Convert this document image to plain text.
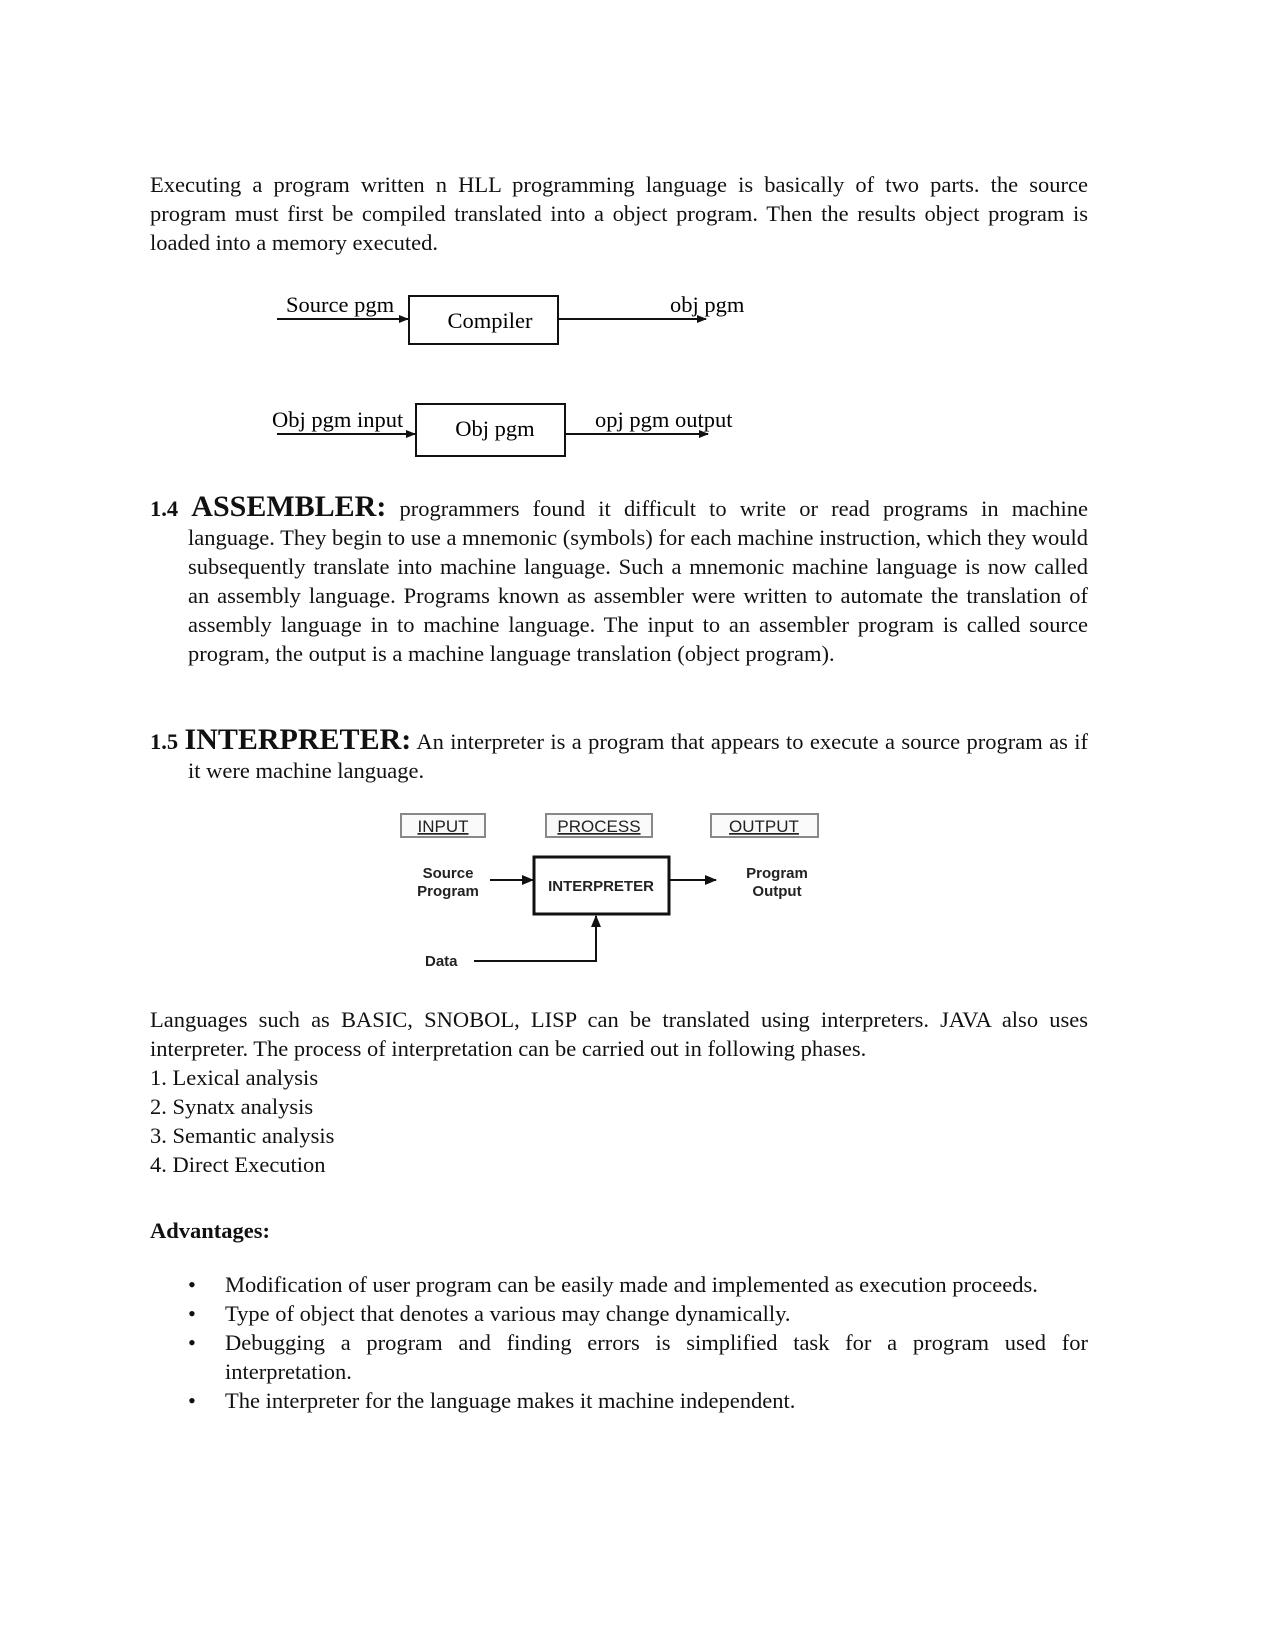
Executing a program written n HLL programming language is basically of two parts. the source program must first be compiled translated into a object program. Then the results object program is loaded into a memory executed.

Source pgm
Compiler
obj pgm
Obj pgm input Obj pgm	opj pgm output

1.4 ASSEMBLER: programmers found it difficult to write or read programs in machine language. They begin to use a mnemonic (symbols) for each machine instruction, which they would subsequently translate into machine language. Such a mnemonic machine language is now called an assembly language. Programs known as assembler were written to automate the translation of assembly language in to machine language. The input to an assembler program is called source program, the output is a machine language translation (object program).

1.5 INTERPRETER: An interpreter is a program that appears to execute a source program as if it were machine language.

INPUT	PROCESS	OUTPUT
Source
Program	INTERPRETER
Program
Output
Data

Languages such as BASIC, SNOBOL, LISP can be translated using interpreters. JAVA also uses interpreter. The process of interpretation can be carried out in following phases.

1. Lexical analysis
2. Synatx analysis
3. Semantic analysis
4. Direct Execution

Advantages:

• Modification of user program can be easily made and implemented as execution proceeds.
• Type of object that denotes a various may change dynamically.
• Debugging a program and finding errors is simplified task for a program used for interpretation.
• The interpreter for the language makes it machine independent.
